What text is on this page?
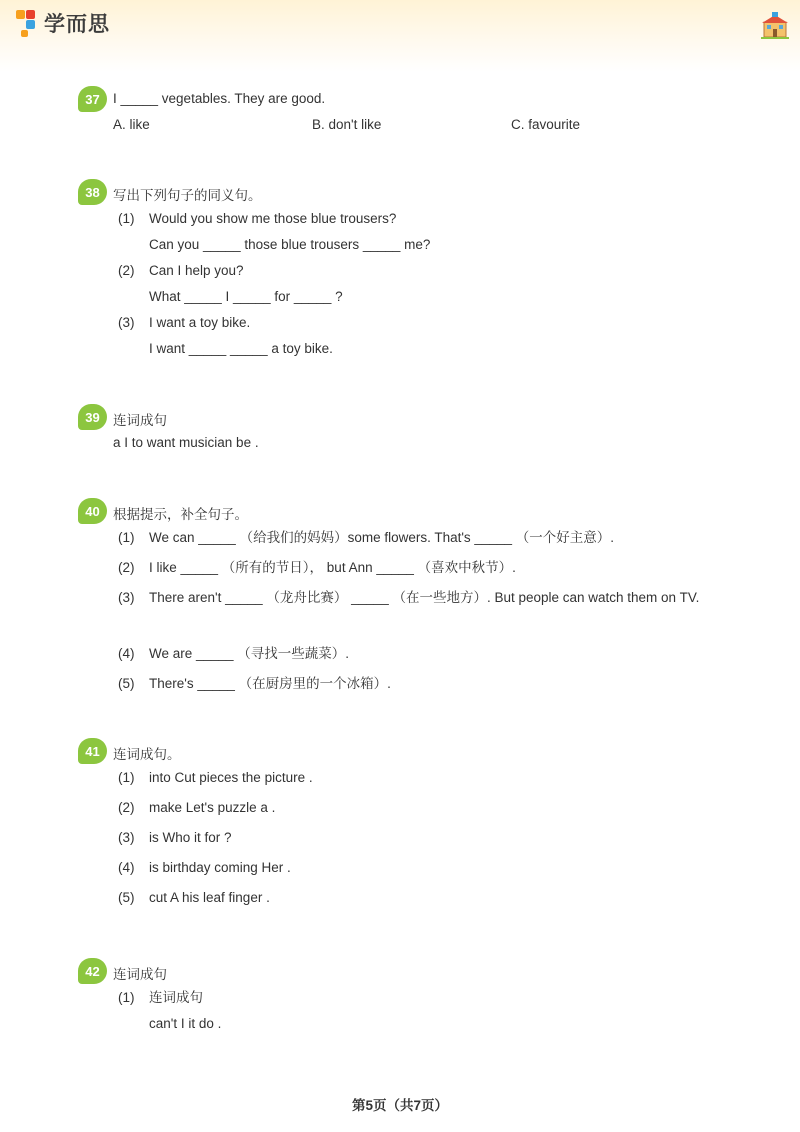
学而思
37 I _____ vegetables. They are good.
A. like	B. don't like	C. favourite
38 写出下列句子的同义句。
(1) Would you show me those blue trousers?
Can you _____ those blue trousers _____ me?
(2) Can I help you?
What _____ I _____ for _____ ?
(3) I want a toy bike.
I want _____ _____ a toy bike.
39 连词成句
a I to want musician be .
40 根据提示，补全句子。
(1) We can _____ （给我们的妈妈）some flowers. That's _____ （一个好主意）.
(2) I like _____ （所有的节日）， but Ann _____ （喜欢中秋节）.
(3) There aren't _____ （龙舟比赛） _____ （在一些地方）. But people can watch them on TV.
(4) We are _____ （寻找一些蔬菜）.
(5) There's _____ （在厨房里的一个冰箱）.
41 连词成句。
(1) into Cut pieces the picture .
(2) make Let's puzzle a .
(3) is Who it for ?
(4) is birthday coming Her .
(5) cut A his leaf finger .
42 连词成句
(1) 连词成句
can't I it do .
第5页（共7页）
